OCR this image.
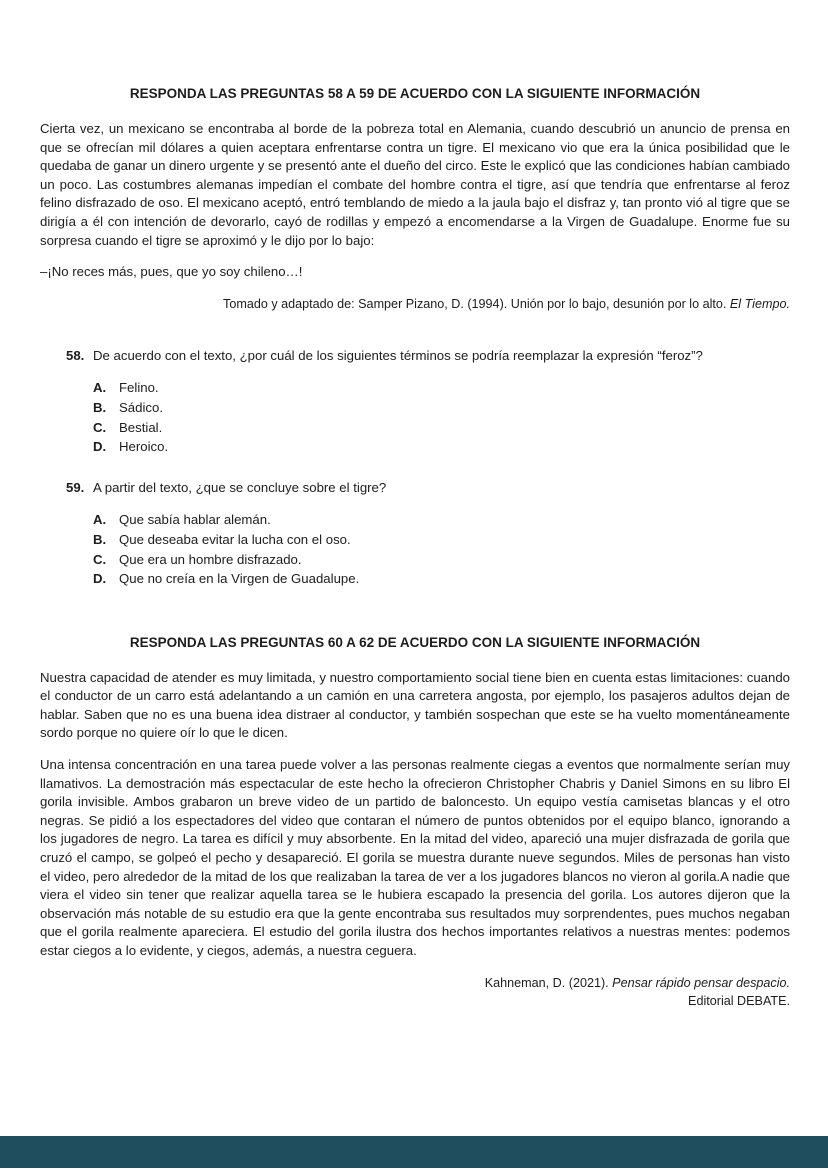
RESPONDA LAS PREGUNTAS 58 A 59 DE ACUERDO CON LA SIGUIENTE INFORMACIÓN

Cierta vez, un mexicano se encontraba al borde de la pobreza total en Alemania, cuando descubrió un anuncio de prensa en que se ofrecían mil dólares a quien aceptara enfrentarse contra un tigre. El mexicano vio que era la única posibilidad que le quedaba de ganar un dinero urgente y se presentó ante el dueño del circo. Este le explicó que las condiciones habían cambiado un poco. Las costumbres alemanas impedían el combate del hombre contra el tigre, así que tendría que enfrentarse al feroz felino disfrazado de oso. El mexicano aceptó, entró temblando de miedo a la jaula bajo el disfraz y, tan pronto vió al tigre que se dirigía a él con intención de devorarlo, cayó de rodillas y empezó a encomendarse a la Virgen de Guadalupe. Enorme fue su sorpresa cuando el tigre se aproximó y le dijo por lo bajo:

–¡No reces más, pues, que yo soy chileno…!

Tomado y adaptado de: Samper Pizano, D. (1994). Unión por lo bajo, desunión por lo alto. El Tiempo.

58. De acuerdo con el texto, ¿por cuál de los siguientes términos se podría reemplazar la expresión “feroz”?
A. Felino.
B. Sádico.
C. Bestial.
D. Heroico.
59. A partir del texto, ¿que se concluye sobre el tigre?
A. Que sabía hablar alemán.
B. Que deseaba evitar la lucha con el oso.
C. Que era un hombre disfrazado.
D. Que no creía en la Virgen de Guadalupe.
RESPONDA LAS PREGUNTAS 60 A 62 DE ACUERDO CON LA SIGUIENTE INFORMACIÓN

Nuestra capacidad de atender es muy limitada, y nuestro comportamiento social tiene bien en cuenta estas limitaciones: cuando el conductor de un carro está adelantando a un camión en una carretera angosta, por ejemplo, los pasajeros adultos dejan de hablar. Saben que no es una buena idea distraer al conductor, y también sospechan que este se ha vuelto momentáneamente sordo porque no quiere oír lo que le dicen.

Una intensa concentración en una tarea puede volver a las personas realmente ciegas a eventos que normalmente serían muy llamativos. La demostración más espectacular de este hecho la ofrecieron Christopher Chabris y Daniel Simons en su libro El gorila invisible. Ambos grabaron un breve video de un partido de baloncesto. Un equipo vestía camisetas blancas y el otro negras. Se pidió a los espectadores del video que contaran el número de puntos obtenidos por el equipo blanco, ignorando a los jugadores de negro. La tarea es difícil y muy absorbente. En la mitad del video, apareció una mujer disfrazada de gorila que cruzó el campo, se golpeó el pecho y desapareció. El gorila se muestra durante nueve segundos. Miles de personas han visto el video, pero alrededor de la mitad de los que realizaban la tarea de ver a los jugadores blancos no vieron al gorila.A nadie que viera el video sin tener que realizar aquella tarea se le hubiera escapado la presencia del gorila. Los autores dijeron que la observación más notable de su estudio era que la gente encontraba sus resultados muy sorprendentes, pues muchos negaban que el gorila realmente apareciera. El estudio del gorila ilustra dos hechos importantes relativos a nuestras mentes: podemos estar ciegos a lo evidente, y ciegos, además, a nuestra ceguera.

Kahneman, D. (2021). Pensar rápido pensar despacio.
Editorial DEBATE.
